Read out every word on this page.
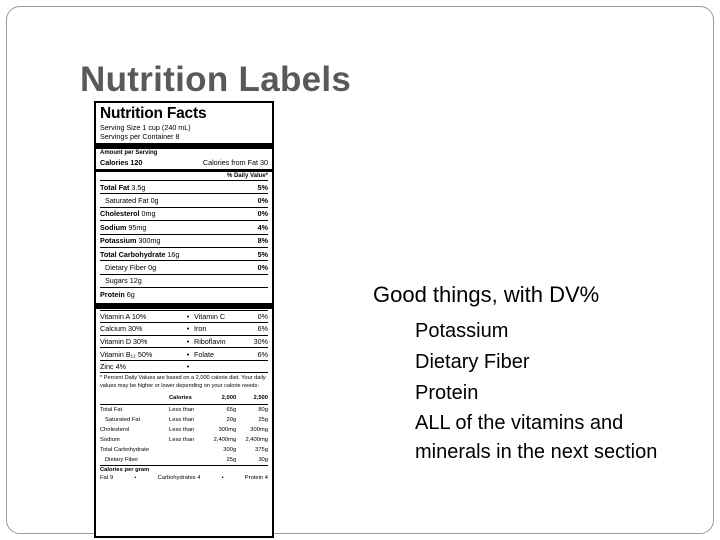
Nutrition Labels
Nutrition Facts
Serving Size 1 cup (240 mL)
Servings per Container 8
Amount per Serving
Calories 120	Calories from Fat 30
% Daily Value*
Total Fat 3.5g	5%
Saturated Fat 0g	0%
Cholesterol 0mg	0%
Sodium 95mg	4%
Potassium 300mg	8%
Total Carbohydrate 16g	5%
Dietary Fiber 0g	0%
Sugars 12g
Protein 6g
Vitamin A 10%	• Vitamin C	0%
Calcium 30%	• Iron	6%
Vitamin D 30%	• Riboflavin	30%
Vitamin B₁₂ 50%	• Folate	6%
Zinc 4%	•
* Percent Daily Values are based on a 2,000 calorie diet. Your daily values may be higher or lower depending on your calorie needs:
	Calories	2,000	2,500
Total Fat	Less than	65g	80g
Saturated Fat	Less than	20g	25g
Cholesterol	Less than	300mg	300mg
Sodium	Less than	2,400mg	2,400mg
Total Carbohydrate		300g	375g
Dietary Fiber		25g	30g
Calories per gram
Fat 9	•	Carbohydrates 4	•	Protein 4
Good things, with DV%
Potassium
Dietary Fiber
Protein
ALL of the vitamins and minerals in the next section
